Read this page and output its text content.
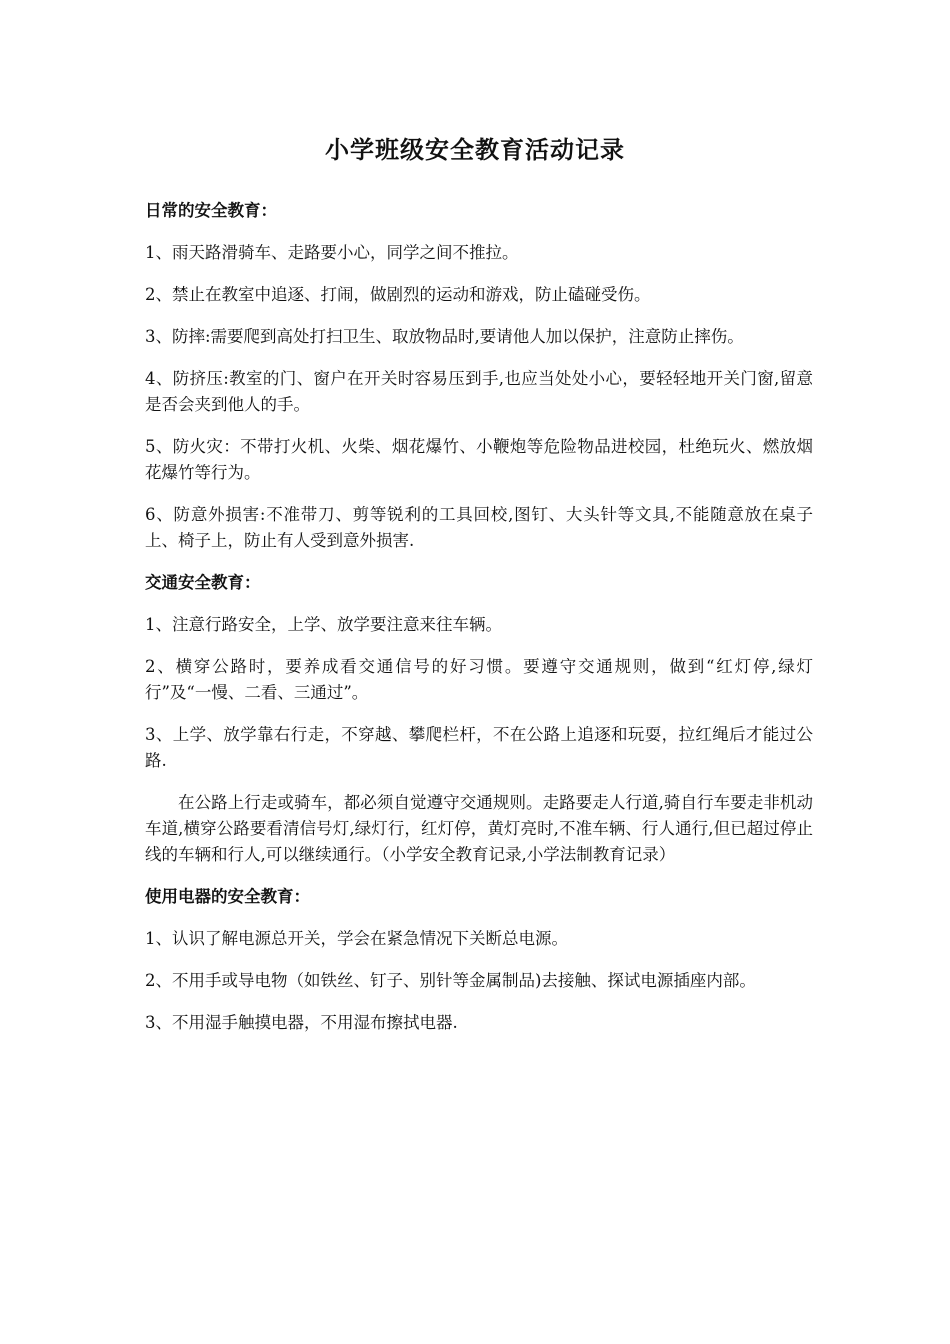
小学班级安全教育活动记录

日常的安全教育：

1、雨天路滑骑车、走路要小心，同学之间不推拉。

2、禁止在教室中追逐、打闹，做剧烈的运动和游戏，防止磕碰受伤。

3、防摔:需要爬到高处打扫卫生、取放物品时,要请他人加以保护，注意防止摔伤。

4、防挤压:教室的门、窗户在开关时容易压到手,也应当处处小心，要轻轻地开关门窗,留意是否会夹到他人的手。

5、防火灾：不带打火机、火柴、烟花爆竹、小鞭炮等危险物品进校园，杜绝玩火、燃放烟花爆竹等行为。

6、防意外损害:不准带刀、剪等锐利的工具回校,图钉、大头针等文具,不能随意放在桌子上、椅子上，防止有人受到意外损害.

交通安全教育：

1、注意行路安全，上学、放学要注意来往车辆。

2、横穿公路时，要养成看交通信号的好习惯。要遵守交通规则，做到“红灯停,绿灯行”及“一慢、二看、三通过”。

3、上学、放学靠右行走，不穿越、攀爬栏杆，不在公路上追逐和玩耍，拉红绳后才能过公路.

在公路上行走或骑车，都必须自觉遵守交通规则。走路要走人行道,骑自行车要走非机动车道,横穿公路要看清信号灯,绿灯行，红灯停，黄灯亮时,不准车辆、行人通行,但已超过停止线的车辆和行人,可以继续通行。（小学安全教育记录,小学法制教育记录）

使用电器的安全教育：

1、认识了解电源总开关，学会在紧急情况下关断总电源。

2、不用手或导电物（如铁丝、钉子、别针等金属制品)去接触、探试电源插座内部。

3、不用湿手触摸电器，不用湿布擦拭电器.
